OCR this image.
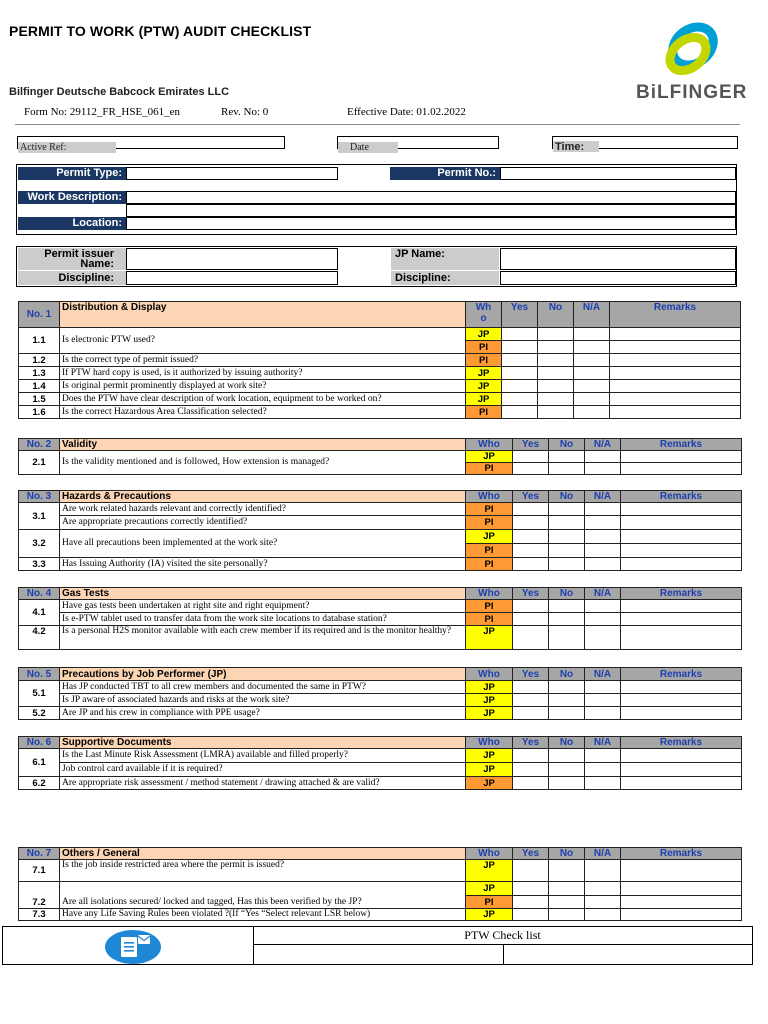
PERMIT TO WORK (PTW) AUDIT CHECKLIST
Bilfinger Deutsche Babcock Emirates LLC	BiLFINGER
Form No: 29112_FR_HSE_061_en	Rev. No: 0	Effective Date: 01.02.2022
Active Ref:	Date	Time:
Permit Type:	Permit No.:
Work Description:
Location:
Permit issuer Name:
Discipline:
JP Name:
Discipline:
No. 1	Distribution & Display	Wh o	Yes	No	N/A	Remarks
1.1	Is electronic PTW used?	JP				
		PI				
1.2	Is the correct type of permit issued?	PI				
1.3	If PTW hard copy is used, is it authorized by issuing authority?	JP				
1.4	Is original permit prominently displayed at work site?	JP				
1.5	Does the PTW have clear description of work location, equipment to be worked on?	JP				
1.6	Is the correct Hazardous Area Classification selected?	PI				
No. 2	Validity	Who	Yes	No	N/A	Remarks
2.1	Is the validity mentioned and is followed, How extension is managed?	JP				
		PI				
No. 3	Hazards & Precautions	Who	Yes	No	N/A	Remarks
3.1	Are work related hazards relevant and correctly identified?	PI				
	Are appropriate precautions correctly identified?	PI				
3.2	Have all precautions been implemented at the work site?	JP				
		PI				
3.3	Has Issuing Authority (IA) visited the site personally?	PI				
No. 4	Gas Tests	Who	Yes	No	N/A	Remarks
4.1	Have gas tests been undertaken at right site and right equipment?	PI				
	Is e-PTW tablet used to transfer data from the work site locations to database station?	PI				
4.2	Is a personal H2S monitor available with each crew member if its required and is the monitor healthy?	JP				
No. 5	Precautions by Job Performer (JP)	Who	Yes	No	N/A	Remarks
5.1	Has JP conducted TBT to all crew members and documented the same in PTW?	JP				
	Is JP aware of associated hazards and risks at the work site?	JP				
5.2	Are JP and his crew in compliance with PPE usage?	JP				
No. 6	Supportive Documents	Who	Yes	No	N/A	Remarks
6.1	Is the Last Minute Risk Assessment (LMRA) available and filled properly?	JP				
	Job control card available if it is required?	JP				
6.2	Are appropriate risk assessment / method statement / drawing attached & are valid?	JP				
No. 7	Others / General	Who	Yes	No	N/A	Remarks
7.1	Is the job inside restricted area where the permit is issued?	JP				
7.2	Are all isolations secured/ locked and tagged, Has this been verified by the JP?	JP				
		PI				
7.3	Have any Life Saving Rules been violated ?(If “Yes “Select relevant LSR below)	JP				
PTW Check list
